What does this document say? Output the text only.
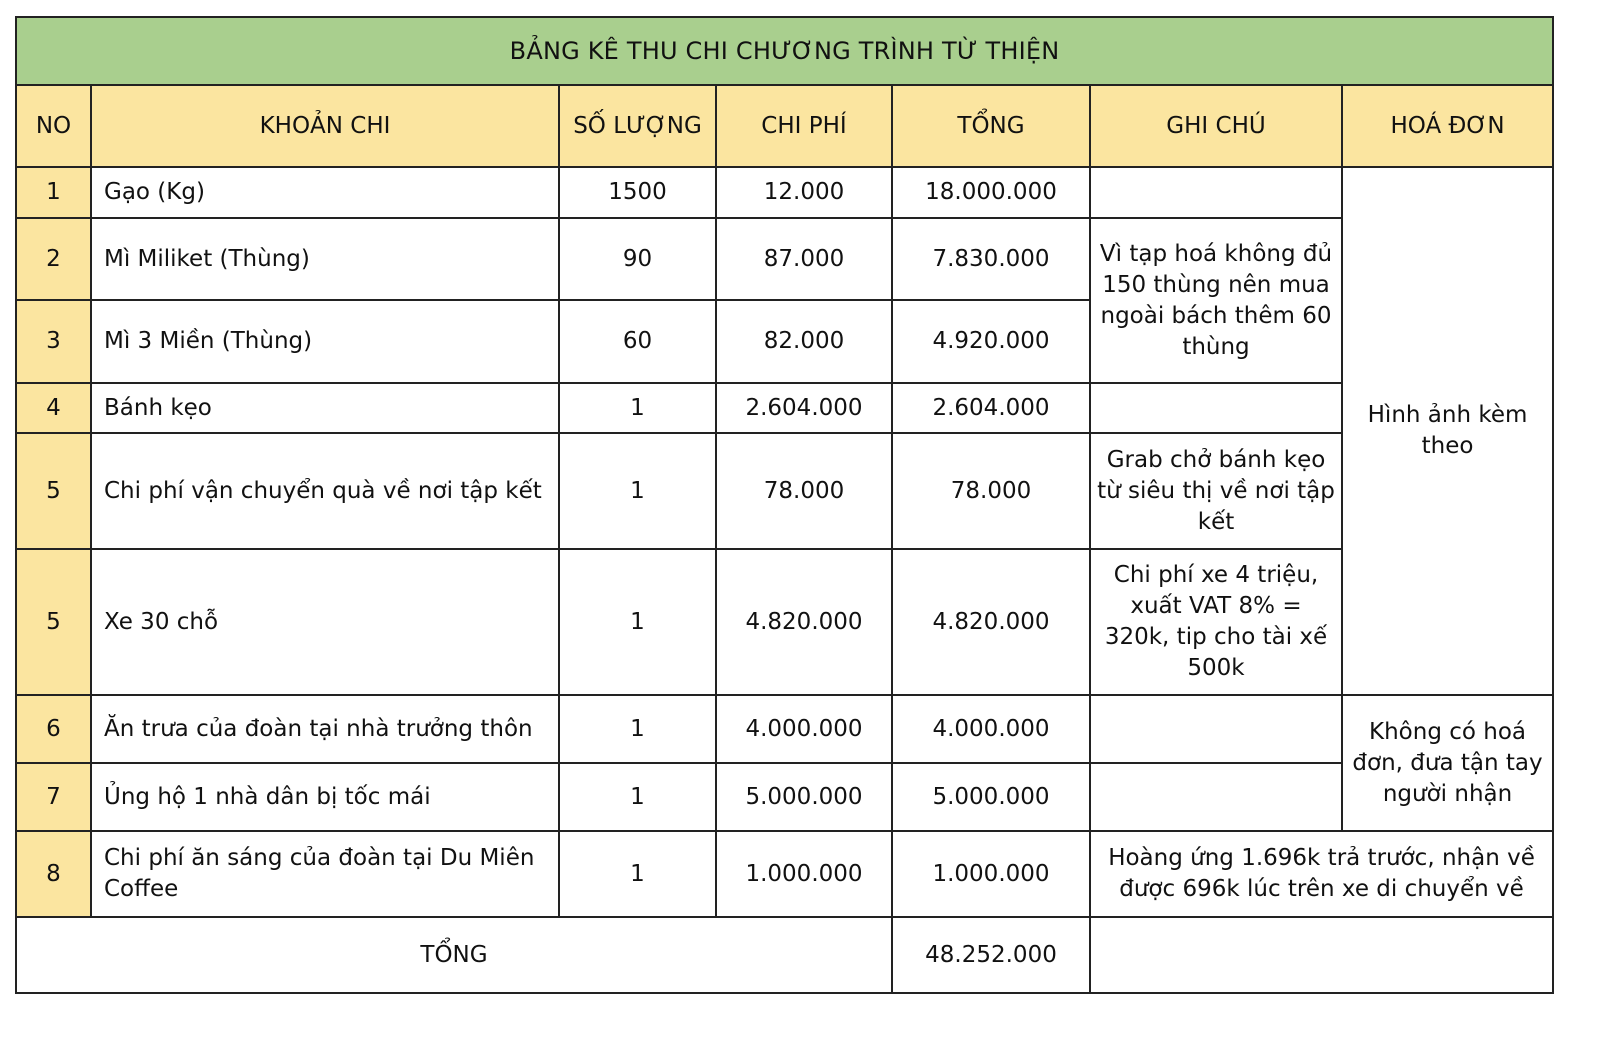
BẢNG KÊ THU CHI CHƯƠNG TRÌNH TỪ THIỆN						
NO	KHOẢN CHI	SỐ LƯỢNG	CHI PHÍ	TỔNG	GHI CHÚ	HOÁ ĐƠN
1	Gạo (Kg)	1500	12.000	18.000.000		Hình ảnh kèm theo
2	Mì Miliket (Thùng)	90	87.000	7.830.000	Vì tạp hoá không đủ 150 thùng nên mua ngoài bách thêm 60 thùng	
3	Mì 3 Miền (Thùng)	60	82.000	4.920.000		
4	Bánh kẹo	1	2.604.000	2.604.000		
5	Chi phí vận chuyển quà về nơi tập kết	1	78.000	78.000	Grab chở bánh kẹo từ siêu thị về nơi tập kết	
5	Xe 30 chỗ	1	4.820.000	4.820.000	Chi phí xe 4 triệu, xuất VAT 8% = 320k, tip cho tài xế 500k	
6	Ăn trưa của đoàn tại nhà trưởng thôn	1	4.000.000	4.000.000		Không có hoá đơn, đưa tận tay người nhận
7	Ủng hộ 1 nhà dân bị tốc mái	1	5.000.000	5.000.000		
8	Chi phí ăn sáng của đoàn tại Du Miên Coffee	1	1.000.000	1.000.000	Hoàng ứng 1.696k trả trước, nhận về được 696k lúc trên xe di chuyển về	
TỔNG				48.252.000		
